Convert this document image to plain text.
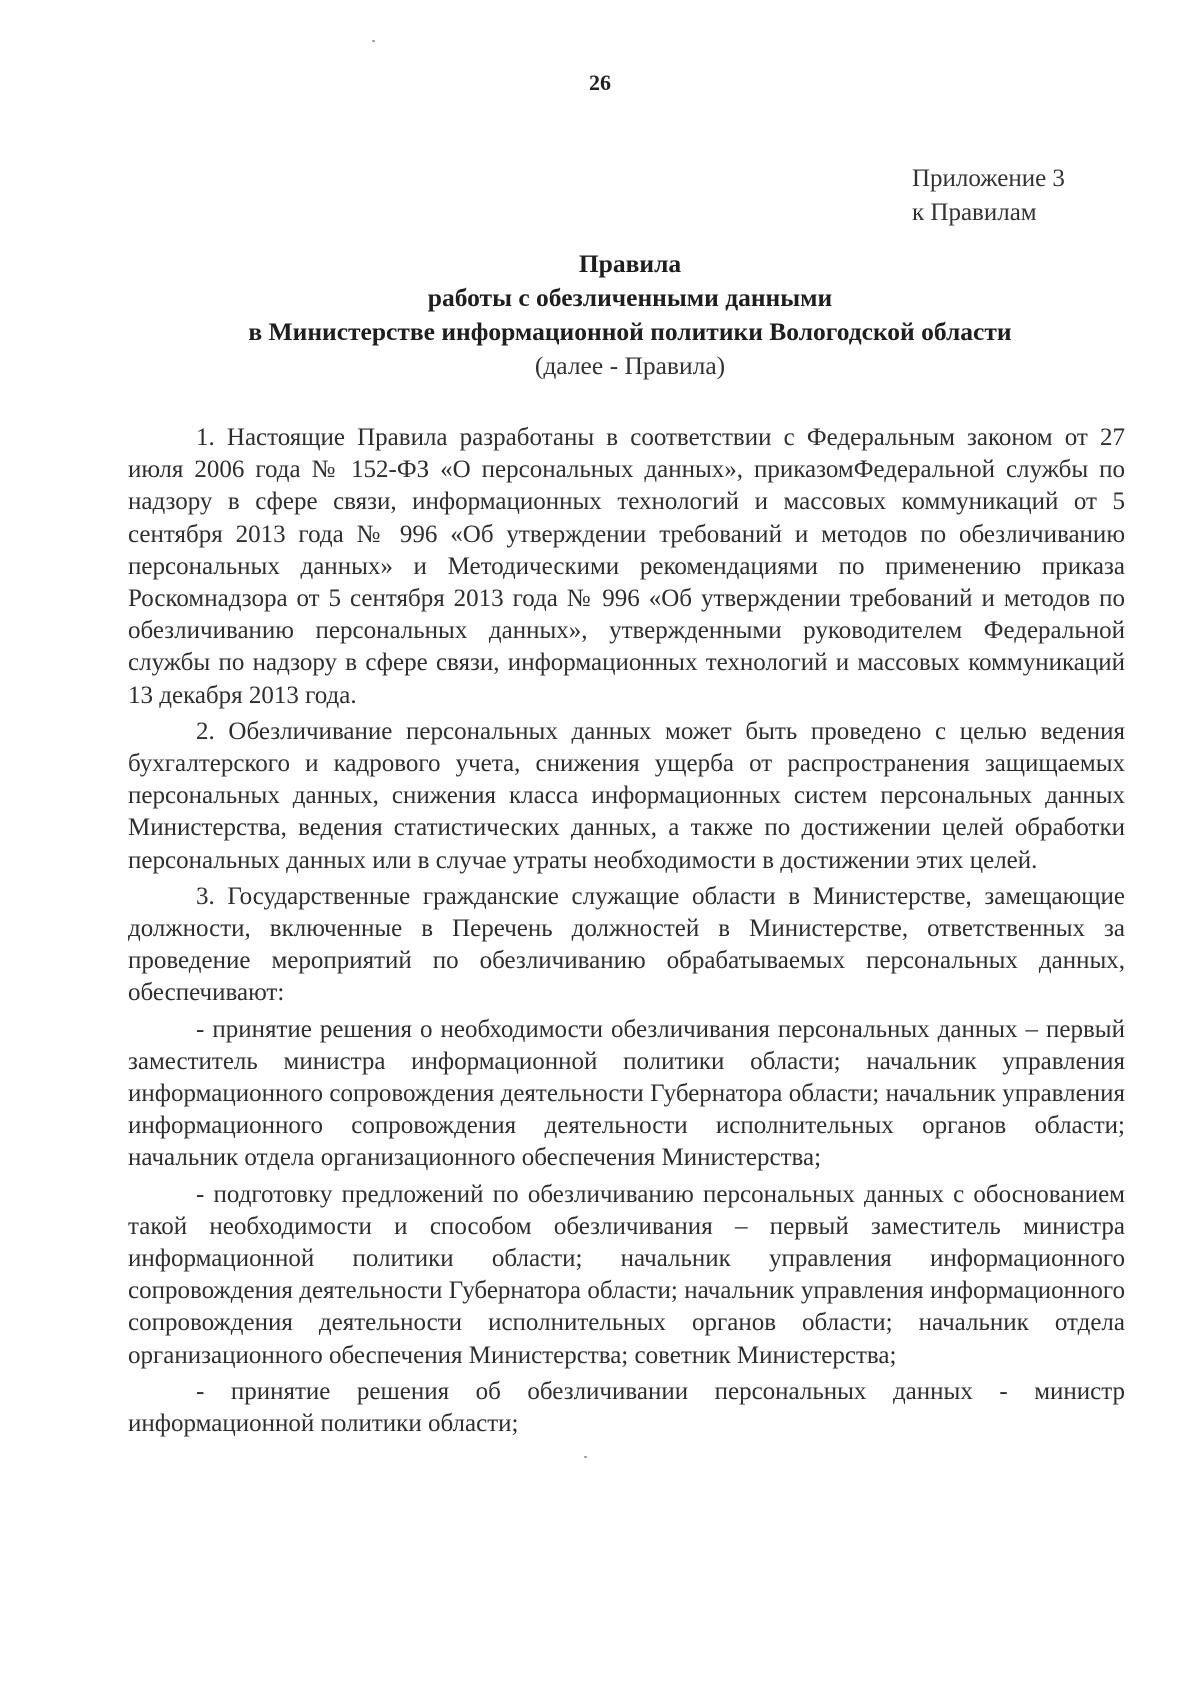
26
Приложение 3
к Правилам
Правила
работы с обезличенными данными
в Министерстве информационной политики Вологодской области
(далее - Правила)

1. Настоящие Правила разработаны в соответствии с Федеральным законом от 27 июля 2006 года № 152-ФЗ «О персональных данных», приказомФедеральной службы по надзору в сфере связи, информационных технологий и массовых коммуникаций от 5 сентября 2013 года № 996 «Об утверждении требований и методов по обезличиванию персональных данных» и Методическими рекомендациями по применению приказа Роскомнадзора от 5 сентября 2013 года № 996 «Об утверждении требований и методов по обезличиванию персональных данных», утвержденными руководителем Федеральной службы по надзору в сфере связи, информационных технологий и массовых коммуникаций 13 декабря 2013 года.

2. Обезличивание персональных данных может быть проведено с целью ведения бухгалтерского и кадрового учета, снижения ущерба от распространения защищаемых персональных данных, снижения класса информационных систем персональных данных Министерства, ведения статистических данных, а также по достижении целей обработки персональных данных или в случае утраты необходимости в достижении этих целей.

3. Государственные гражданские служащие области в Министерстве, замещающие должности, включенные в Перечень должностей в Министерстве, ответственных за проведение мероприятий по обезличиванию обрабатываемых персональных данных, обеспечивают:

- принятие решения о необходимости обезличивания персональных данных – первый заместитель министра информационной политики области; начальник управления информационного сопровождения деятельности Губернатора области; начальник управления информационного сопровождения деятельности исполнительных органов области; начальник отдела организационного обеспечения Министерства;

- подготовку предложений по обезличиванию персональных данных с обоснованием такой необходимости и способом обезличивания – первый заместитель министра информационной политики области; начальник управления информационного сопровождения деятельности Губернатора области; начальник управления информационного сопровождения деятельности исполнительных органов области; начальник отдела организационного обеспечения Министерства; советник Министерства;

- принятие решения об обезличивании персональных данных - министр информационной политики области;
